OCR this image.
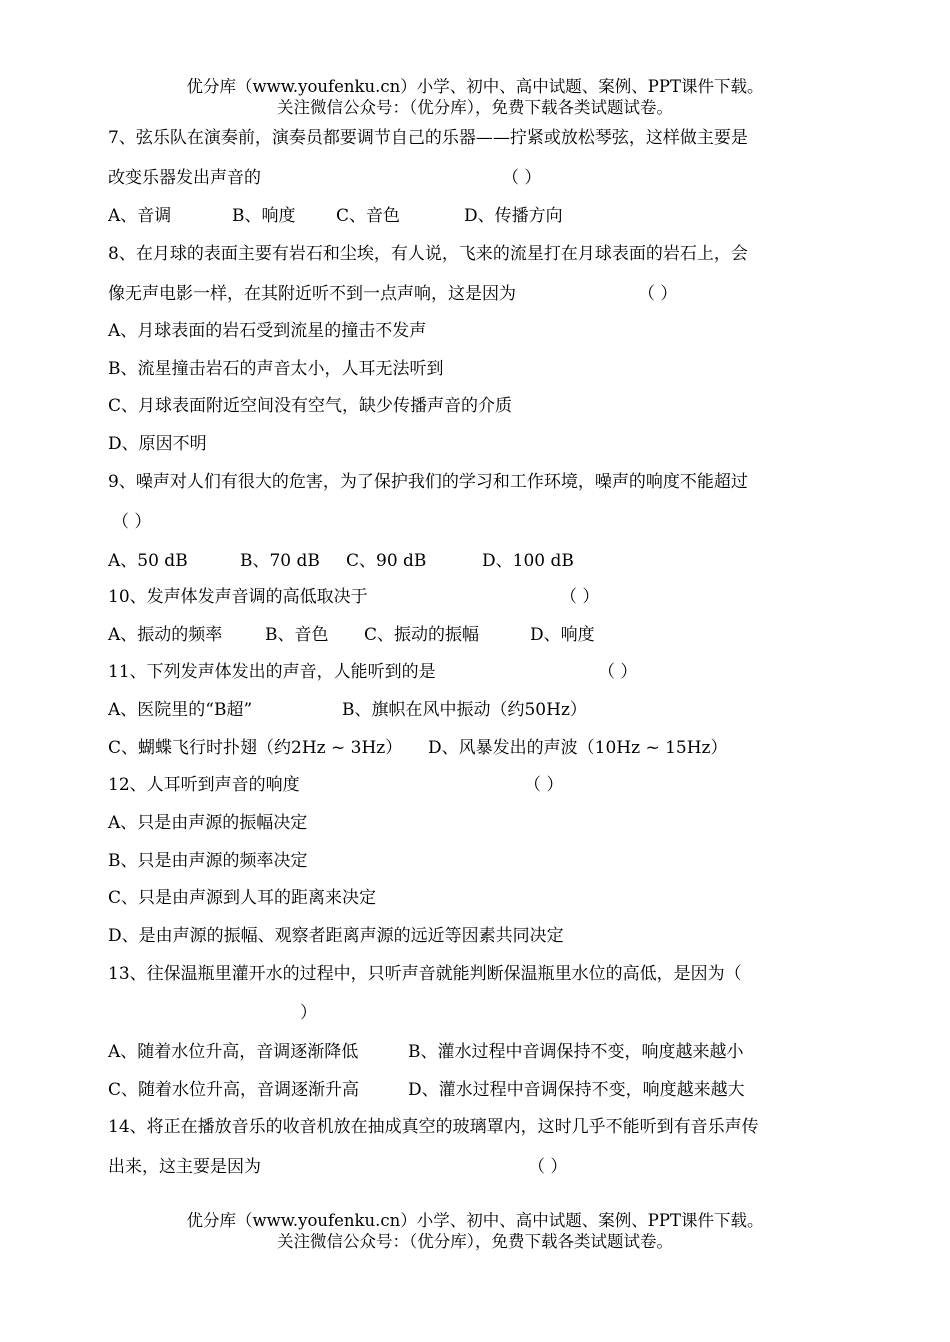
优分库（www.youfenku.cn）小学、初中、高中试题、案例、PPT课件下载。
关注微信公众号：（优分库），免费下载各类试题试卷。
7、弦乐队在演奏前，演奏员都要调节自己的乐器——拧紧或放松琴弦，这样做主要是
改变乐器发出声音的	（ ）
A、音调	B、响度 C、音色	D、传播方向
8、在月球的表面主要有岩石和尘埃，有人说，飞来的流星打在月球表面的岩石上，会
像无声电影一样，在其附近听不到一点声响，这是因为	（ ）
A、月球表面的岩石受到流星的撞击不发声
B、流星撞击岩石的声音太小，人耳无法听到
C、月球表面附近空间没有空气，缺少传播声音的介质
D、原因不明
9、噪声对人们有很大的危害，为了保护我们的学习和工作环境，噪声的响度不能超过
（ ）
A、50 dB	B、70 dB C、90 dB	D、100 dB
10、发声体发声音调的高低取决于	（ ）
A、振动的频率	B、音色 C、振动的振幅	D、响度
11、下列发声体发出的声音，人能听到的是	（ ）
A、医院里的“B超”	B、旗帜在风中振动（约50Hz）
C、蝴蝶飞行时扑翅（约2Hz ~ 3Hz） D、风暴发出的声波（10Hz ~ 15Hz）
12、人耳听到声音的响度	（ ）
A、只是由声源的振幅决定
B、只是由声源的频率决定
C、只是由声源到人耳的距离来决定
D、是由声源的振幅、观察者距离声源的远近等因素共同决定
13、往保温瓶里灌开水的过程中，只听声音就能判断保温瓶里水位的高低，是因为（
）
A、随着水位升高，音调逐渐降低	B、灌水过程中音调保持不变，响度越来越小
C、随着水位升高，音调逐渐升高	D、灌水过程中音调保持不变，响度越来越大
14、将正在播放音乐的收音机放在抽成真空的玻璃罩内，这时几乎不能听到有音乐声传
出来，这主要是因为	（ ）
优分库（www.youfenku.cn）小学、初中、高中试题、案例、PPT课件下载。
关注微信公众号：（优分库），免费下载各类试题试卷。
